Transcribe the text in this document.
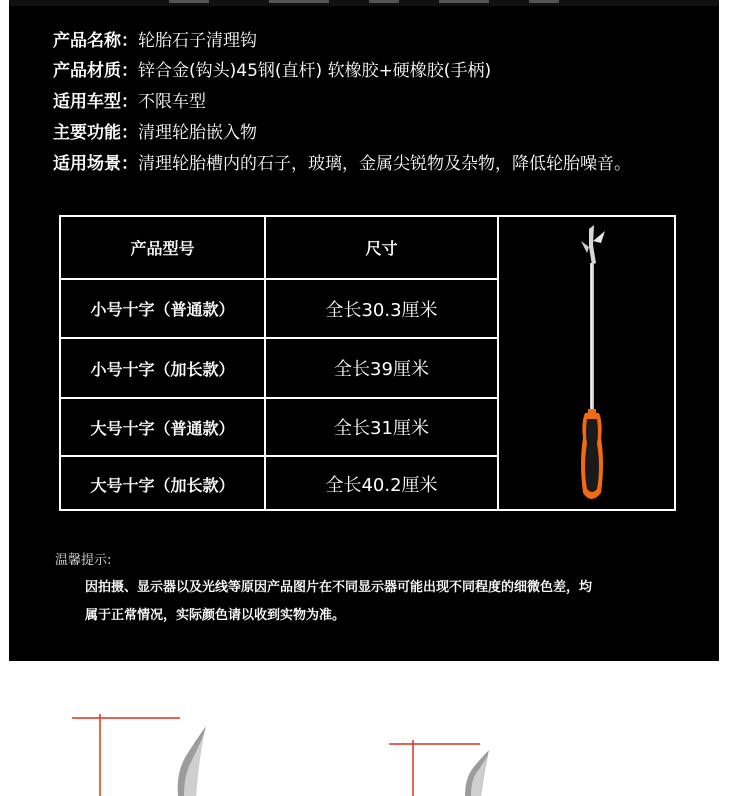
产品名称：轮胎石子清理钩
产品材质：锌合金(钩头)45钢(直杆) 软橡胶+硬橡胶(手柄)
适用车型：不限车型
主要功能：清理轮胎嵌入物
适用场景：清理轮胎槽内的石子，玻璃，金属尖锐物及杂物，降低轮胎噪音。
产品型号	尺寸
小号十字（普通款）	全长30.3厘米
小号十字（加长款）	全长39厘米
大号十字（普通款）	全长31厘米
大号十字（加长款）	全长40.2厘米
温馨提示:
因拍摄、显示器以及光线等原因产品图片在不同显示器可能出现不同程度的细微色差，均
属于正常情况，实际颜色请以收到实物为准。
